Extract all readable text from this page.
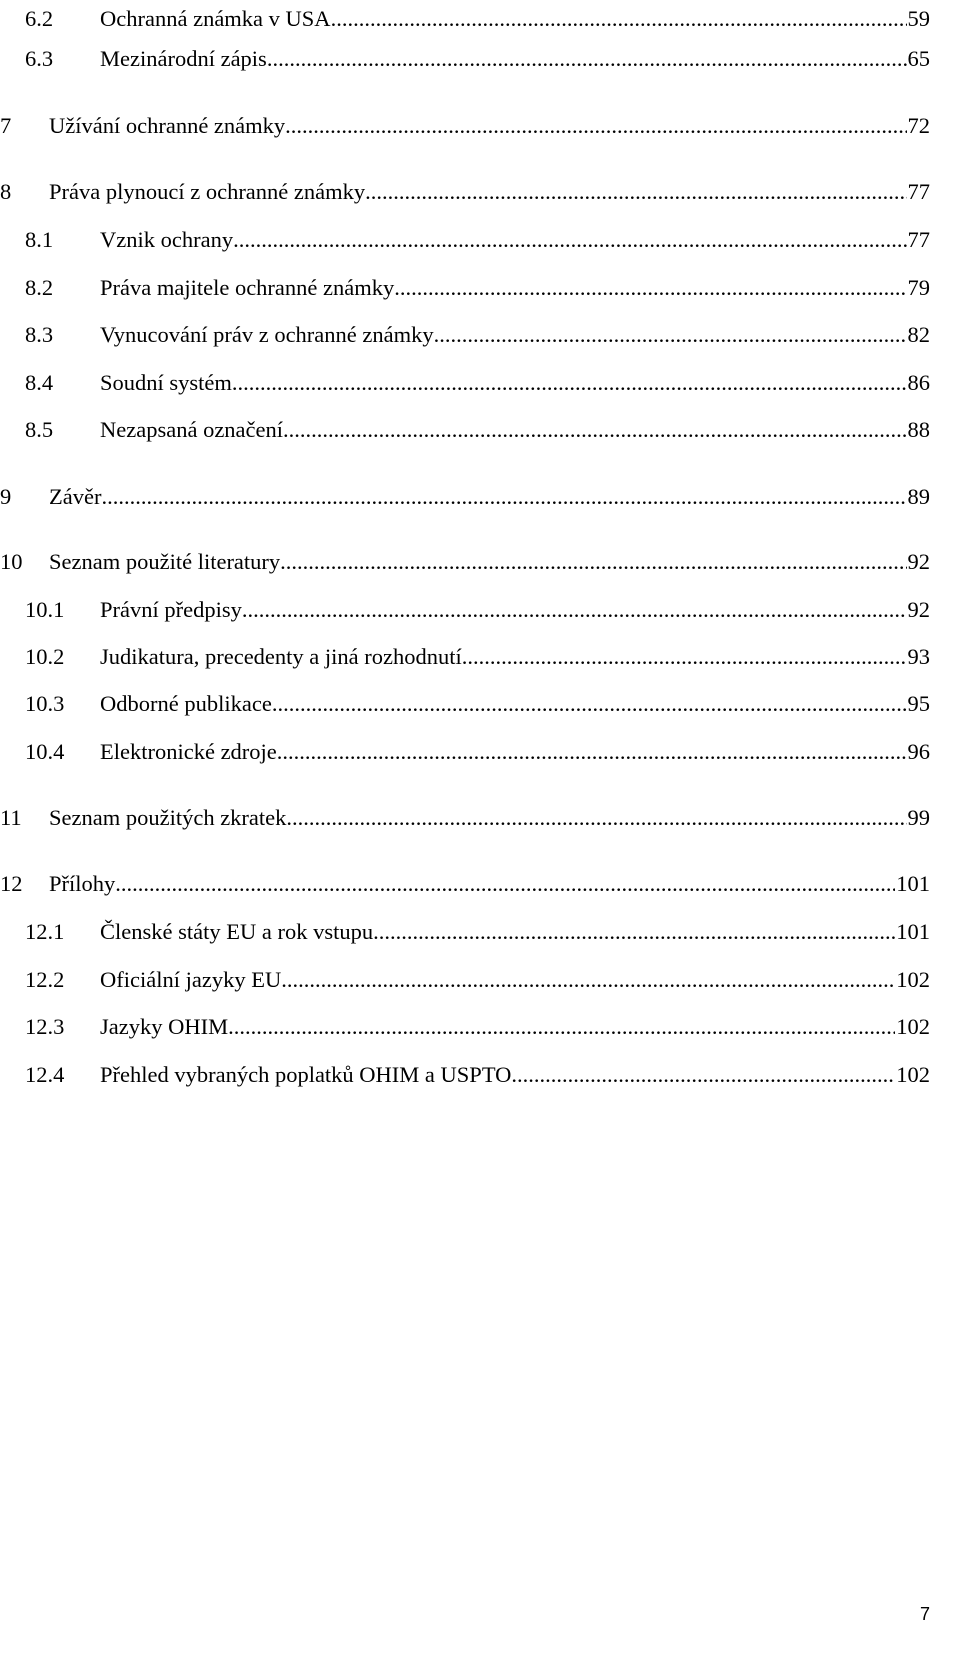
6.2 Ochranná známka v USA .....	59
6.3 Mezinárodní zápis .....	65
7 Užívání ochranné známky .....	72
8 Práva plynoucí z ochranné známky .....	77
8.1 Vznik ochrany .....	77
8.2 Práva majitele ochranné známky .....	79
8.3 Vynucování práv z ochranné známky .....	82
8.4 Soudní systém .....	86
8.5 Nezapsaná označení .....	88
9 Závěr .....	89
10 Seznam použité literatury .....	92
10.1 Právní předpisy .....	92
10.2 Judikatura, precedenty a jiná rozhodnutí .....	93
10.3 Odborné publikace .....	95
10.4 Elektronické zdroje .....	96
11 Seznam použitých zkratek .....	99
12 Přílohy .....	101
12.1 Členské státy EU a rok vstupu .....	101
12.2 Oficiální jazyky EU .....	102
12.3 Jazyky OHIM .....	102
12.4 Přehled vybraných poplatků OHIM a USPTO .....	102
7
